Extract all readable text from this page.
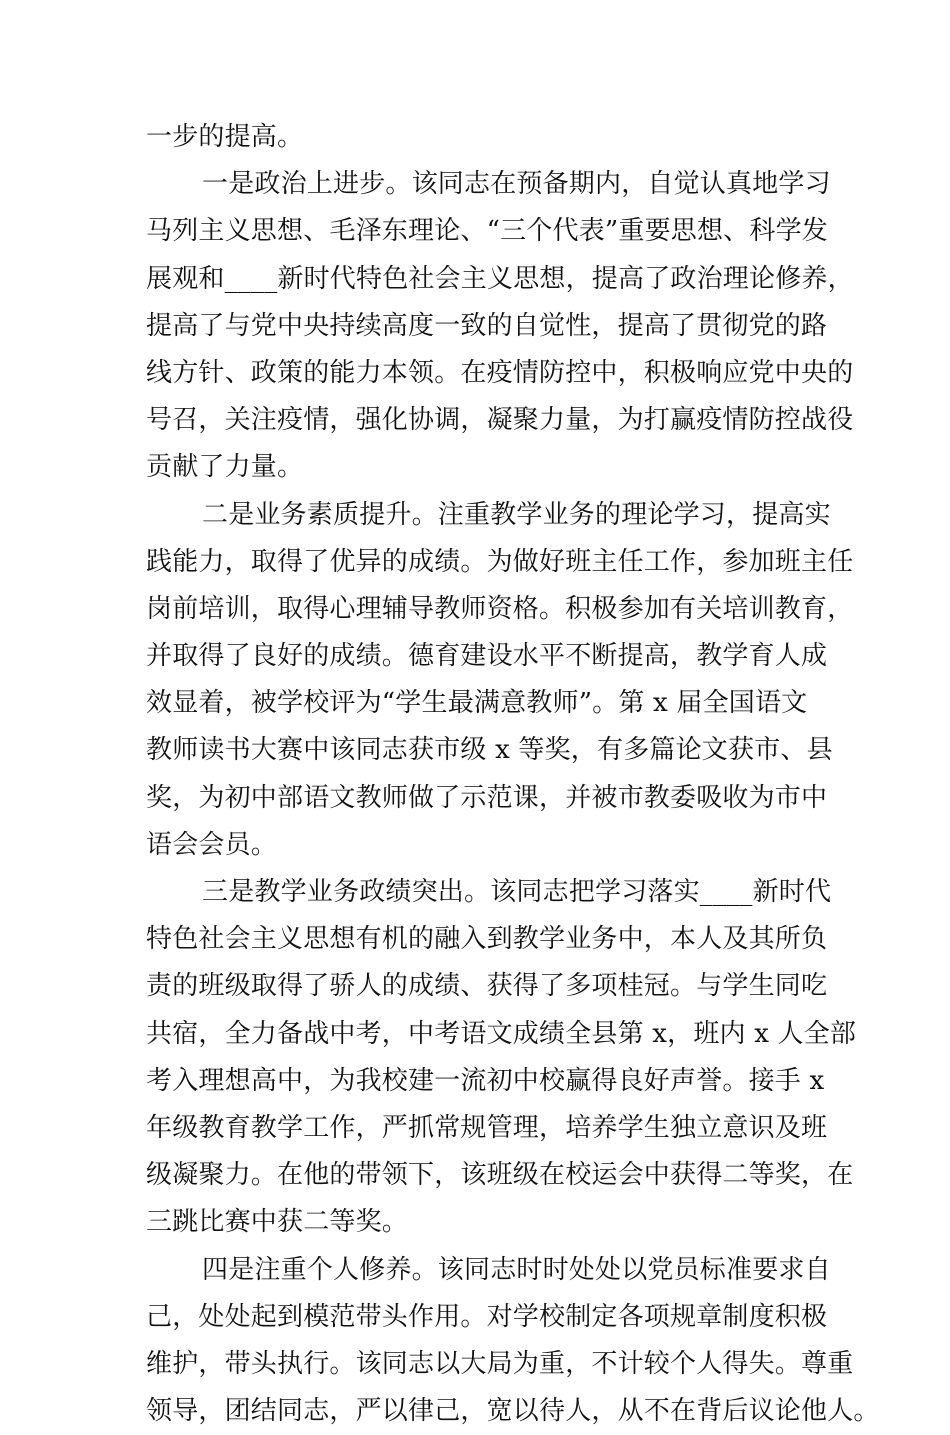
一步的提高。
一是政治上进步。该同志在预备期内，自觉认真地学习
马列主义思想、毛泽东理论、“三个代表”重要思想、科学发
展观和____新时代特色社会主义思想，提高了政治理论修养，
提高了与党中央持续高度一致的自觉性，提高了贯彻党的路
线方针、政策的能力本领。在疫情防控中，积极响应党中央的
号召，关注疫情，强化协调，凝聚力量，为打赢疫情防控战役
贡献了力量。
二是业务素质提升。注重教学业务的理论学习，提高实
践能力，取得了优异的成绩。为做好班主任工作，参加班主任
岗前培训，取得心理辅导教师资格。积极参加有关培训教育，
并取得了良好的成绩。德育建设水平不断提高，教学育人成
效显着，被学校评为“学生最满意教师”。第 x 届全国语文
教师读书大赛中该同志获市级 x 等奖，有多篇论文获市、县
奖，为初中部语文教师做了示范课，并被市教委吸收为市中
语会会员。
三是教学业务政绩突出。该同志把学习落实____新时代
特色社会主义思想有机的融入到教学业务中，本人及其所负
责的班级取得了骄人的成绩、获得了多项桂冠。与学生同吃
共宿，全力备战中考，中考语文成绩全县第 x，班内 x 人全部
考入理想高中，为我校建一流初中校赢得良好声誉。接手 x
年级教育教学工作，严抓常规管理，培养学生独立意识及班
级凝聚力。在他的带领下，该班级在校运会中获得二等奖，在
三跳比赛中获二等奖。
四是注重个人修养。该同志时时处处以党员标准要求自
己，处处起到模范带头作用。对学校制定各项规章制度积极
维护，带头执行。该同志以大局为重，不计较个人得失。尊重
领导，团结同志，严以律己，宽以待人，从不在背后议论他人。
